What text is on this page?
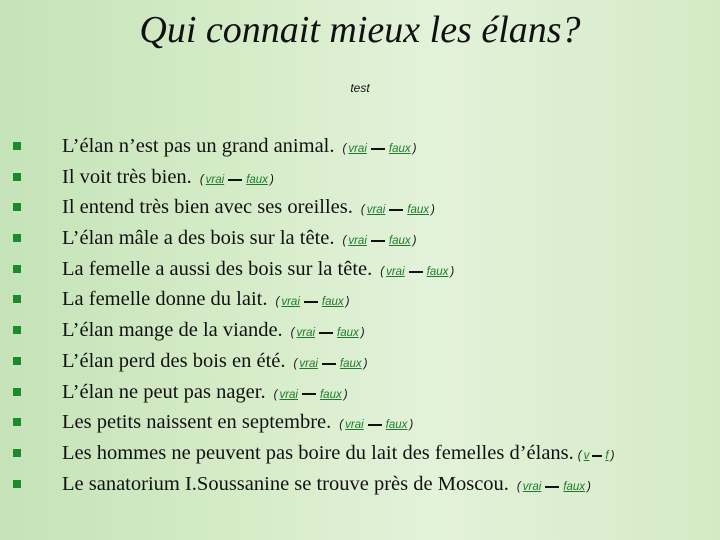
Qui connait mieux les élans?
test
L’élan n’est pas un grand animal. ( vrai faux )
Il voit très bien. ( vrai faux )
Il entend très bien avec ses oreilles. ( vrai faux )
L’élan mâle a des bois sur la tête. ( vrai faux )
La femelle a aussi des bois sur la tête. ( vrai faux )
La femelle donne du lait. ( vrai faux )
L’élan mange de la viande. ( vrai faux )
L’élan perd des bois en été. ( vrai faux )
L’élan ne peut pas nager. ( vrai faux )
Les petits naissent en septembre. ( vrai faux )
Les hommes ne peuvent pas boire du lait des femelles d’élans. ( v f )
Le sanatorium I.Soussanine se trouve près de Moscou. ( vrai faux )
